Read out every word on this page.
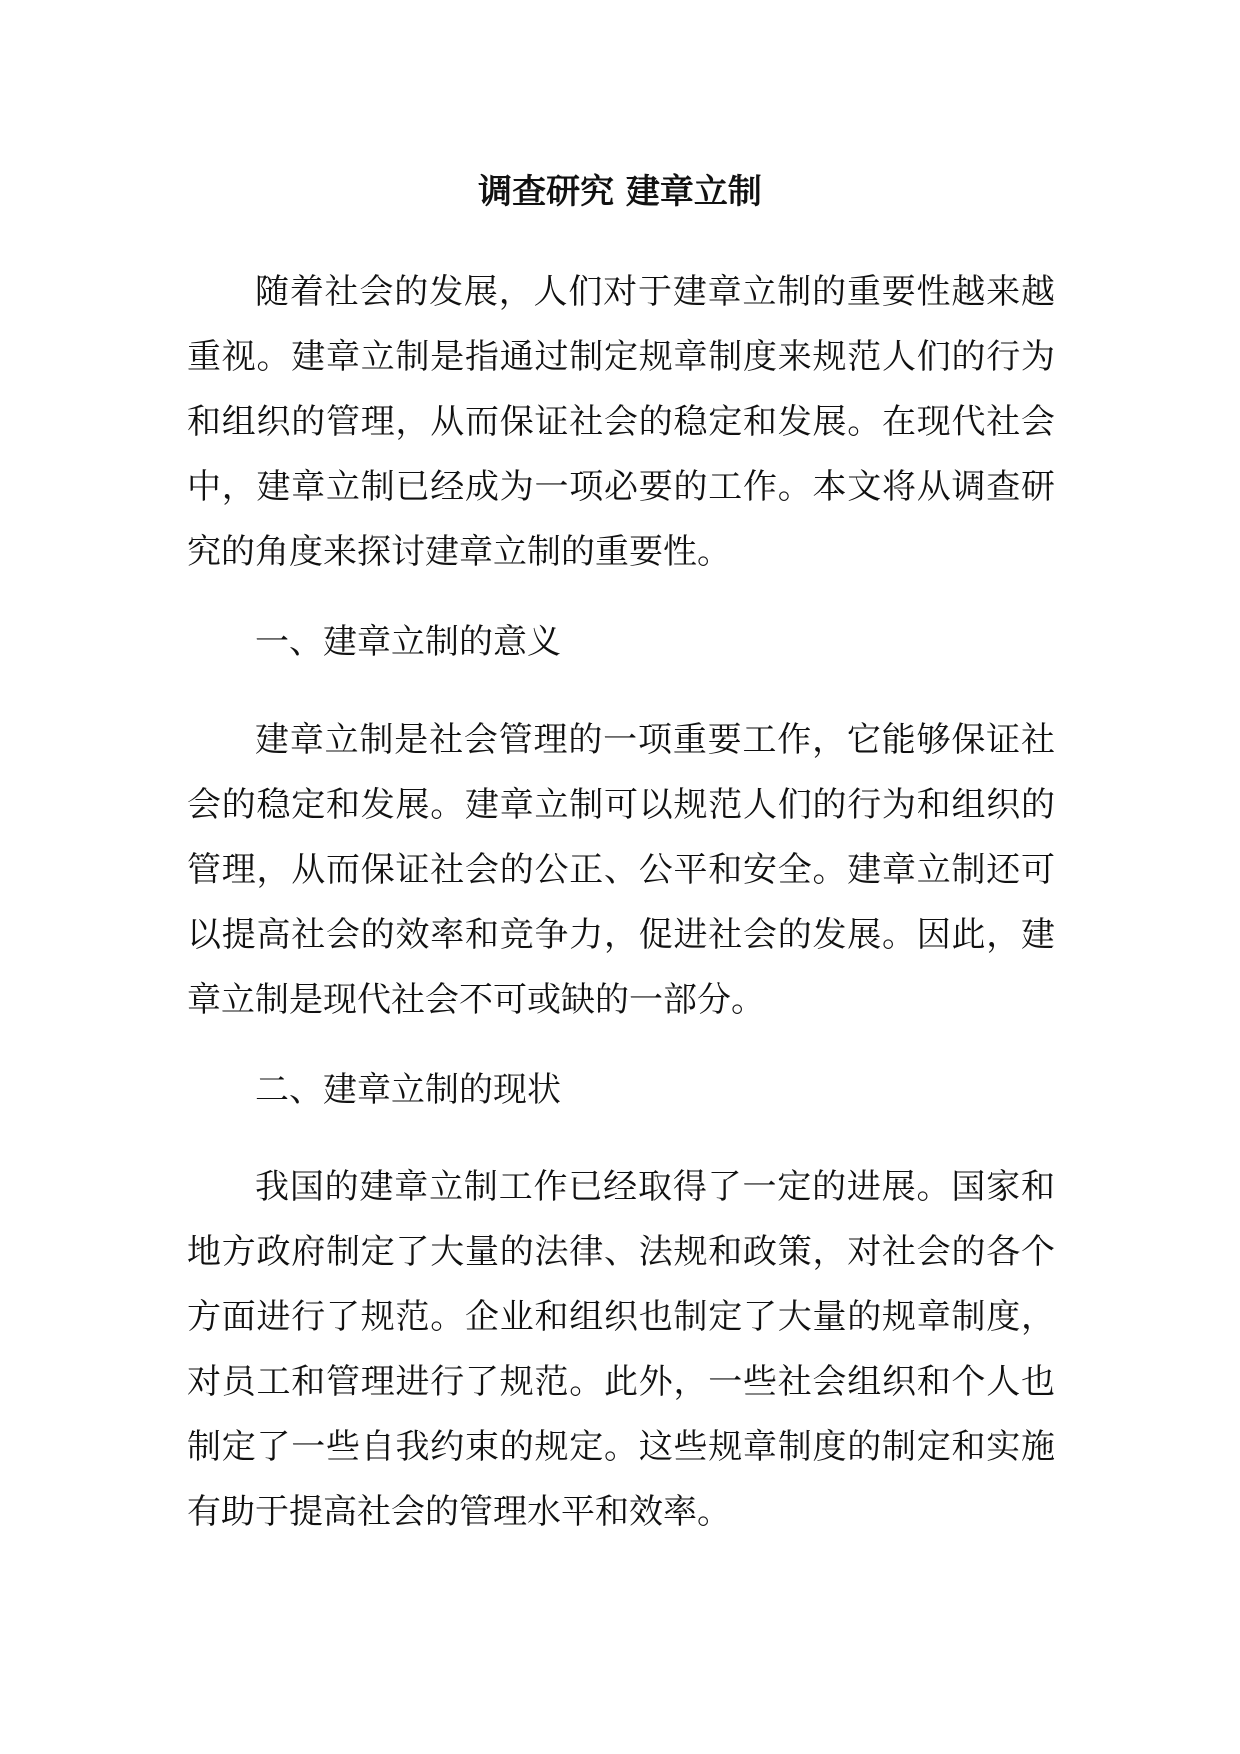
调查研究 建章立制

随着社会的发展，人们对于建章立制的重要性越来越重视。建章立制是指通过制定规章制度来规范人们的行为和组织的管理，从而保证社会的稳定和发展。在现代社会中，建章立制已经成为一项必要的工作。本文将从调查研究的角度来探讨建章立制的重要性。

一、建章立制的意义

建章立制是社会管理的一项重要工作，它能够保证社会的稳定和发展。建章立制可以规范人们的行为和组织的管理，从而保证社会的公正、公平和安全。建章立制还可以提高社会的效率和竞争力，促进社会的发展。因此，建章立制是现代社会不可或缺的一部分。

二、建章立制的现状

我国的建章立制工作已经取得了一定的进展。国家和地方政府制定了大量的法律、法规和政策，对社会的各个方面进行了规范。企业和组织也制定了大量的规章制度，对员工和管理进行了规范。此外，一些社会组织和个人也制定了一些自我约束的规定。这些规章制度的制定和实施有助于提高社会的管理水平和效率。
